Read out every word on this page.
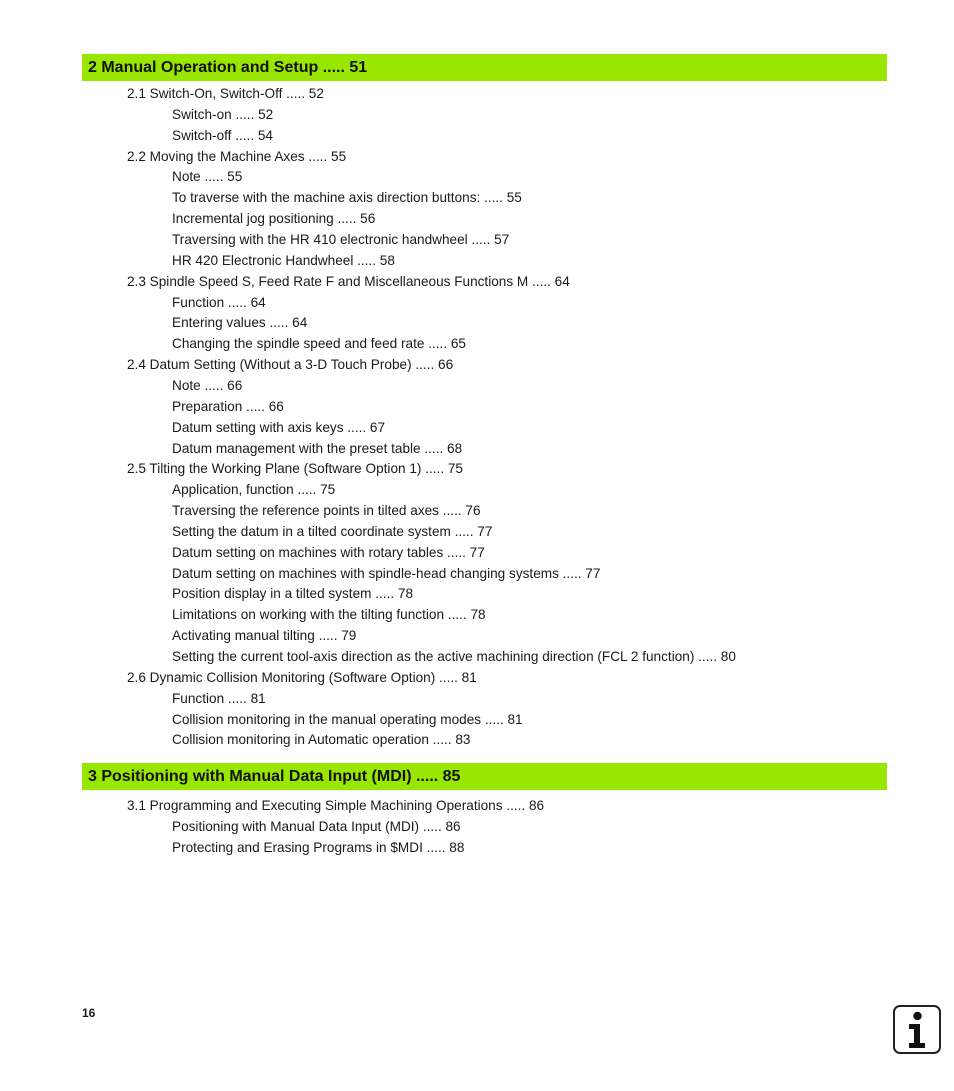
2 Manual Operation and Setup ..... 51
3 Positioning with Manual Data Input (MDI) ..... 85
2.1 Switch-On, Switch-Off ..... 52
Switch-on ..... 52
Switch-off ..... 54
2.2 Moving the Machine Axes ..... 55
Note ..... 55
To traverse with the machine axis direction buttons: ..... 55
Incremental jog positioning ..... 56
Traversing with the HR 410 electronic handwheel ..... 57
HR 420 Electronic Handwheel ..... 58
2.3 Spindle Speed S, Feed Rate F and Miscellaneous Functions M ..... 64
Function ..... 64
Entering values ..... 64
Changing the spindle speed and feed rate ..... 65
2.4 Datum Setting (Without a 3-D Touch Probe) ..... 66
Note ..... 66
Preparation ..... 66
Datum setting with axis keys ..... 67
Datum management with the preset table ..... 68
2.5 Tilting the Working Plane (Software Option 1) ..... 75
Application, function ..... 75
Traversing the reference points in tilted axes ..... 76
Setting the datum in a tilted coordinate system ..... 77
Datum setting on machines with rotary tables ..... 77
Datum setting on machines with spindle-head changing systems ..... 77
Position display in a tilted system ..... 78
Limitations on working with the tilting function ..... 78
Activating manual tilting ..... 79
Setting the current tool-axis direction as the active machining direction (FCL 2 function) ..... 80
2.6 Dynamic Collision Monitoring (Software Option) ..... 81
Function ..... 81
Collision monitoring in the manual operating modes ..... 81
Collision monitoring in Automatic operation ..... 83
3.1 Programming and Executing Simple Machining Operations ..... 86
Positioning with Manual Data Input (MDI) ..... 86
Protecting and Erasing Programs in $MDI ..... 88
16
